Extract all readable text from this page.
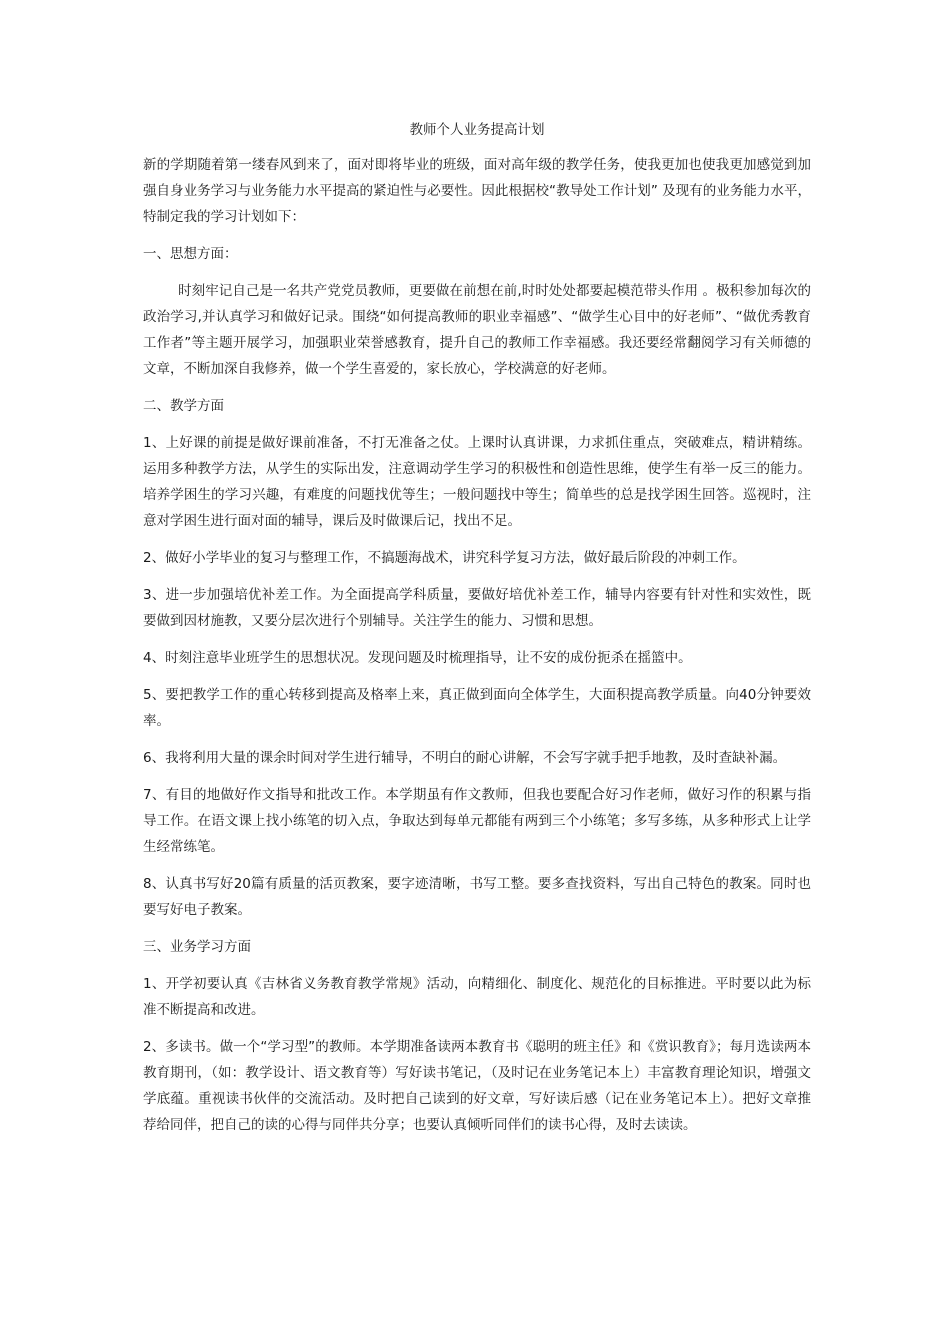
教师个人业务提高计划

新的学期随着第一缕春风到来了，面对即将毕业的班级，面对高年级的教学任务，使我更加也使我更加感觉到加强自身业务学习与业务能力水平提高的紧迫性与必要性。因此根据校“教导处工作计划” 及现有的业务能力水平， 特制定我的学习计划如下：

一、思想方面：

时刻牢记自己是一名共产党党员教师，更要做在前想在前,时时处处都要起模范带头作用 。极积参加每次的政治学习,并认真学习和做好记录。围绕“如何提高教师的职业幸福感”、“做学生心目中的好老师”、“做优秀教育工作者”等主题开展学习，加强职业荣誉感教育，提升自己的教师工作幸福感。我还要经常翻阅学习有关师德的文章，不断加深自我修养，做一个学生喜爱的，家长放心，学校满意的好老师。

二、教学方面

1、上好课的前提是做好课前准备，不打无准备之仗。上课时认真讲课，力求抓住重点，突破难点，精讲精练。运用多种教学方法，从学生的实际出发，注意调动学生学习的积极性和创造性思维，使学生有举一反三的能力。培养学困生的学习兴趣，有难度的问题找优等生；一般问题找中等生；简单些的总是找学困生回答。巡视时，注意对学困生进行面对面的辅导，课后及时做课后记，找出不足。

2、做好小学毕业的复习与整理工作，不搞题海战术，讲究科学复习方法，做好最后阶段的冲刺工作。

3、进一步加强培优补差工作。为全面提高学科质量，要做好培优补差工作，辅导内容要有针对性和实效性，既要做到因材施教，又要分层次进行个别辅导。关注学生的能力、习惯和思想。

4、时刻注意毕业班学生的思想状况。发现问题及时梳理指导，让不安的成份扼杀在摇篮中。

5、要把教学工作的重心转移到提高及格率上来，真正做到面向全体学生，大面积提高教学质量。向40分钟要效率。

6、我将利用大量的课余时间对学生进行辅导，不明白的耐心讲解，不会写字就手把手地教，及时查缺补漏。

7、有目的地做好作文指导和批改工作。本学期虽有作文教师，但我也要配合好习作老师，做好习作的积累与指导工作。在语文课上找小练笔的切入点，争取达到每单元都能有两到三个小练笔；多写多练，从多种形式上让学生经常练笔。

8、认真书写好20篇有质量的活页教案，要字迹清晰，书写工整。要多查找资料，写出自己特色的教案。同时也要写好电子教案。

三、业务学习方面

1、开学初要认真《吉林省义务教育教学常规》活动，向精细化、制度化、规范化的目标推进。平时要以此为标准不断提高和改进。

2、多读书。做一个“学习型”的教师。本学期准备读两本教育书《聪明的班主任》和《赏识教育》；每月选读两本教育期刊，（如：教学设计、语文教育等）写好读书笔记，（及时记在业务笔记本上）丰富教育理论知识，增强文学底蕴。重视读书伙伴的交流活动。及时把自己读到的好文章，写好读后感（记在业务笔记本上）。把好文章推荐给同伴，把自己的读的心得与同伴共分享；也要认真倾听同伴们的读书心得，及时去读读。
